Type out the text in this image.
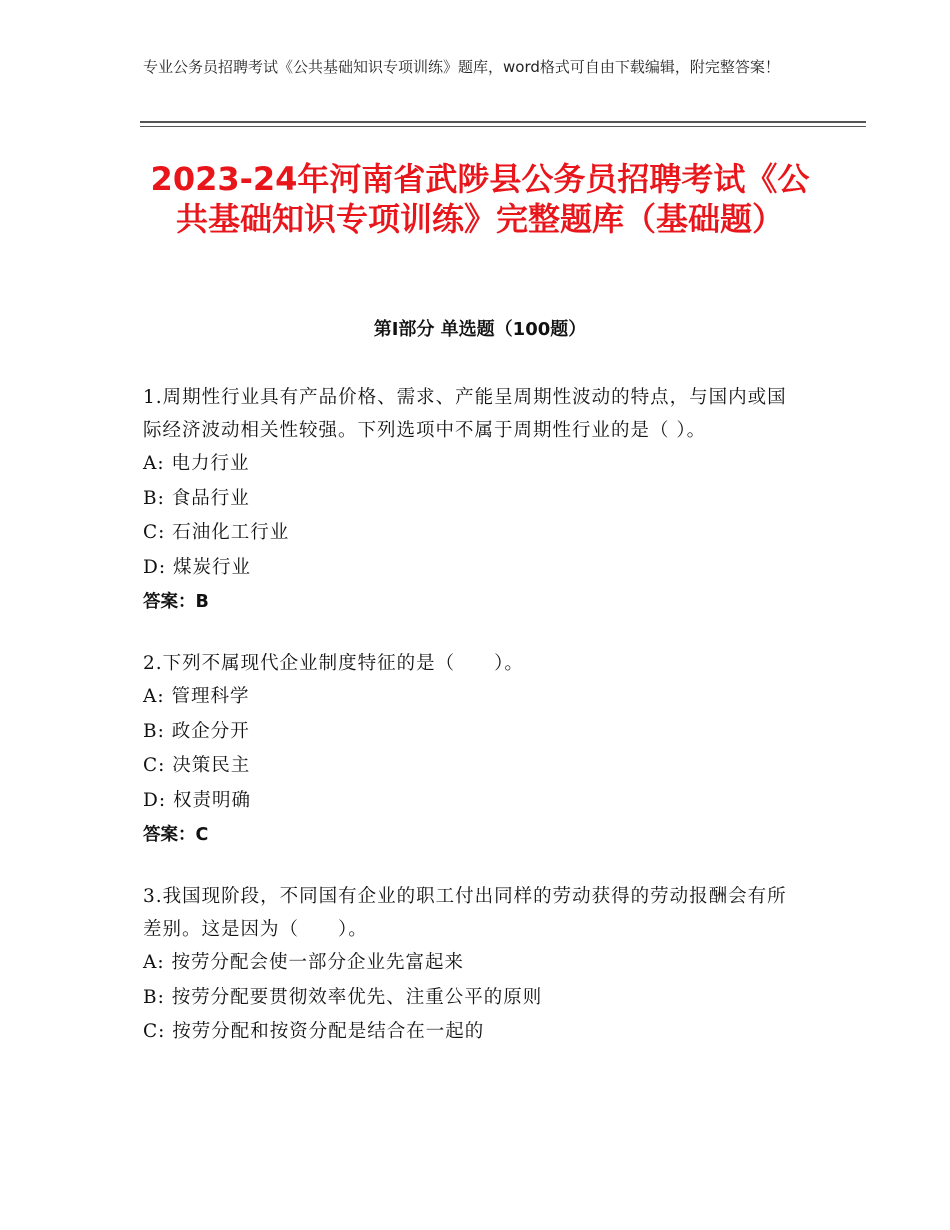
专业公务员招聘考试《公共基础知识专项训练》题库，word格式可自由下载编辑，附完整答案！
2023-24年河南省武陟县公务员招聘考试《公共基础知识专项训练》完整题库（基础题）
第Ⅰ部分 单选题（100题）

1.周期性行业具有产品价格、需求、产能呈周期性波动的特点，与国内或国际经济波动相关性较强。下列选项中不属于周期性行业的是（ ）。

A: 电力行业

B: 食品行业

C: 石油化工行业

D: 煤炭行业

答案：B

2.下列不属现代企业制度特征的是（　　）。

A: 管理科学

B: 政企分开

C: 决策民主

D: 权责明确

答案：C

3.我国现阶段，不同国有企业的职工付出同样的劳动获得的劳动报酬会有所差别。这是因为（　　）。

A: 按劳分配会使一部分企业先富起来

B: 按劳分配要贯彻效率优先、注重公平的原则

C: 按劳分配和按资分配是结合在一起的
